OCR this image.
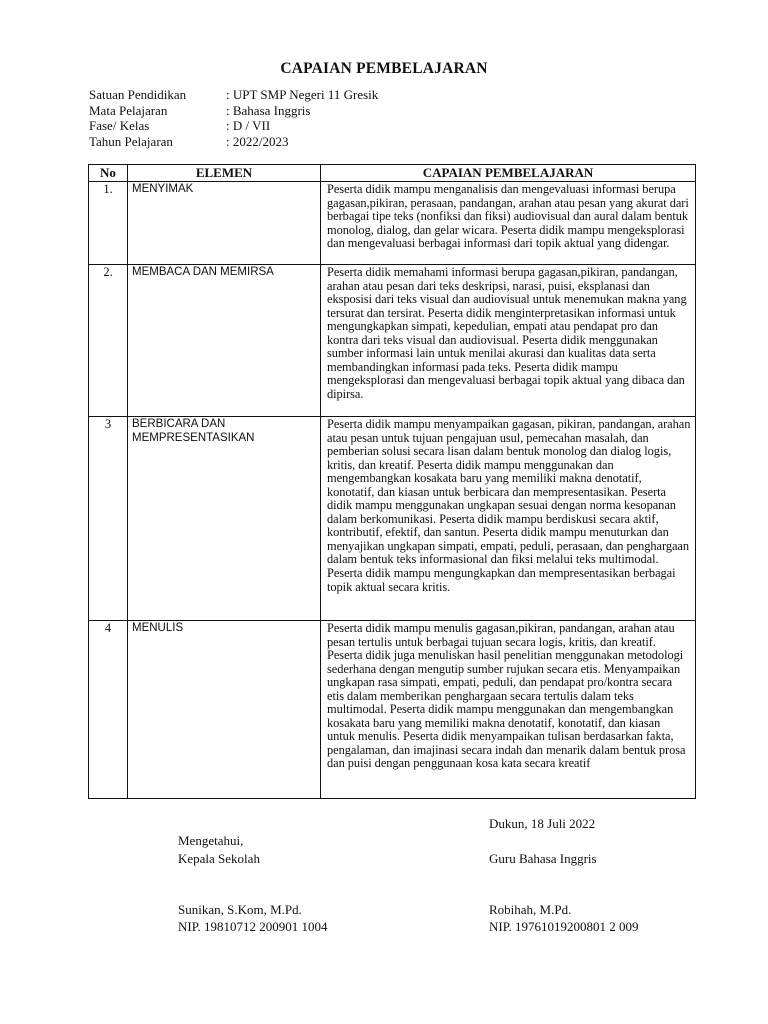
CAPAIAN PEMBELAJARAN
Satuan Pendidikan	: UPT SMP Negeri 11 Gresik
Mata Pelajaran	: Bahasa Inggris
Fase/ Kelas	: D / VII
Tahun Pelajaran	: 2022/2023
No	ELEMEN	CAPAIAN PEMBELAJARAN
1.	MENYIMAK	Peserta didik mampu menganalisis dan mengevaluasi informasi berupa gagasan,pikiran, perasaan, pandangan, arahan atau pesan yang akurat dari berbagai tipe teks (nonfiksi dan fiksi) audiovisual dan aural dalam bentuk monolog, dialog, dan gelar wicara. Peserta didik mampu mengeksplorasi dan mengevaluasi berbagai informasi dari topik aktual yang didengar.
2.	MEMBACA DAN MEMIRSA	Peserta didik memahami informasi berupa gagasan,pikiran, pandangan, arahan atau pesan dari teks deskripsi, narasi, puisi, eksplanasi dan eksposisi dari teks visual dan audiovisual untuk menemukan makna yang tersurat dan tersirat. Peserta didik menginterpretasikan informasi untuk mengungkapkan simpati, kepedulian, empati atau pendapat pro dan kontra dari teks visual dan audiovisual. Peserta didik menggunakan sumber informasi lain untuk menilai akurasi dan kualitas data serta membandingkan informasi pada teks. Peserta didik mampu mengeksplorasi dan mengevaluasi berbagai topik aktual yang dibaca dan dipirsa.
3	BERBICARA DAN MEMPRESENTASIKAN	Peserta didik mampu menyampaikan gagasan, pikiran, pandangan, arahan atau pesan untuk tujuan pengajuan usul, pemecahan masalah, dan pemberian solusi secara lisan dalam bentuk monolog dan dialog logis, kritis, dan kreatif. Peserta didik mampu menggunakan dan mengembangkan kosakata baru yang memiliki makna denotatif, konotatif, dan kiasan untuk berbicara dan mempresentasikan. Peserta didik mampu menggunakan ungkapan sesuai dengan norma kesopanan dalam berkomunikasi. Peserta didik mampu berdiskusi secara aktif, kontributif, efektif, dan santun. Peserta didik mampu menuturkan dan menyajikan ungkapan simpati, empati, peduli, perasaan, dan penghargaan dalam bentuk teks informasional dan fiksi melalui teks multimodal. Peserta didik mampu mengungkapkan dan mempresentasikan berbagai topik aktual secara kritis.
4	MENULIS	Peserta didik mampu menulis gagasan,pikiran, pandangan, arahan atau pesan tertulis untuk berbagai tujuan secara logis, kritis, dan kreatif. Peserta didik juga menuliskan hasil penelitian menggunakan metodologi sederhana dengan mengutip sumber rujukan secara etis. Menyampaikan ungkapan rasa simpati, empati, peduli, dan pendapat pro/kontra secara etis dalam memberikan penghargaan secara tertulis dalam teks multimodal. Peserta didik mampu menggunakan dan mengembangkan kosakata baru yang memiliki makna denotatif, konotatif, dan kiasan untuk menulis. Peserta didik menyampaikan tulisan berdasarkan fakta, pengalaman, dan imajinasi secara indah dan menarik dalam bentuk prosa dan puisi dengan penggunaan kosa kata secara kreatif
Dukun, 18 Juli 2022
Mengetahui,
Kepala Sekolah
Sunikan, S.Kom, M.Pd.
NIP. 19810712 200901 1004
Guru Bahasa Inggris
Robihah, M.Pd.
NIP. 19761019200801 2 009
